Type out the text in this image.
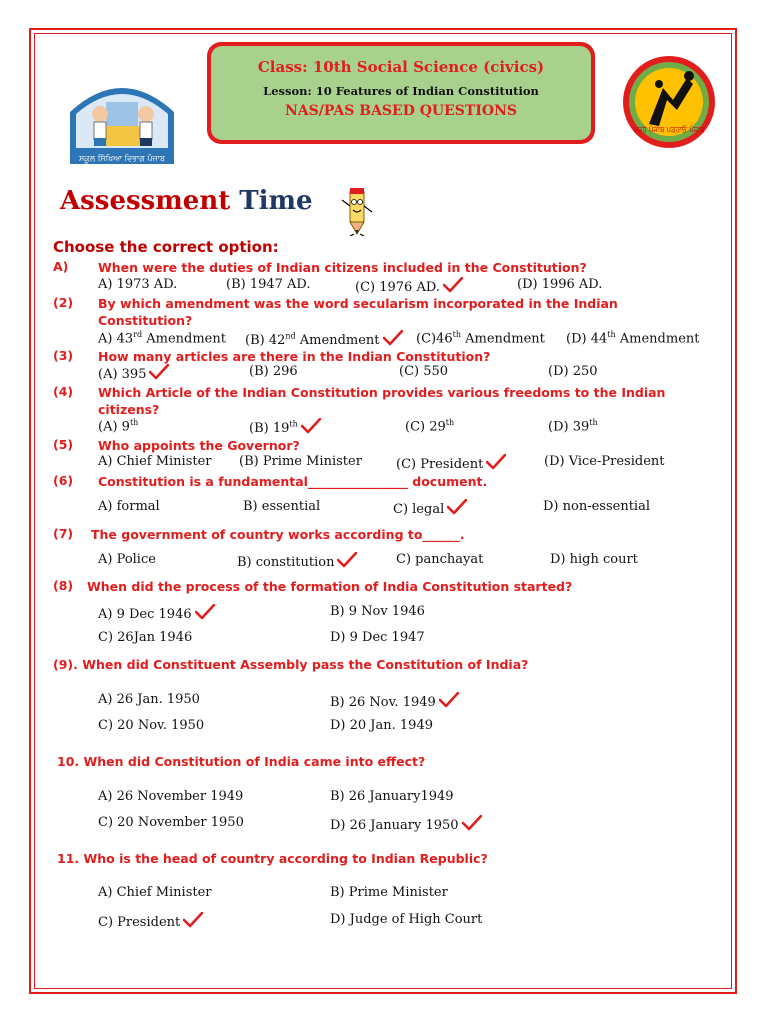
ਸਕੂਲ ਸਿੱਖਿਆ ਵਿਭਾਗ ਪੰਜਾਬ
Class: 10th Social Science (civics)
Lesson: 10 Features of Indian Constitution
NAS/PAS BASED QUESTIONS
ਪੜ੍ਹੋ ਪੰਜਾਬ ਪੜ੍ਹਾਓ ਪੰਜਾਬ
Assessment Time
Choose the correct option:
A) When were the duties of Indian citizens included in the Constitution?
A) 1973 AD.	(B) 1947 AD.	(C) 1976 AD.	(D) 1996 AD.
(2) By which amendment was the word secularism incorporated in the Indian Constitution?
A) 43rd Amendment (B) 42nd Amendment	(C)46th Amendment (D) 44th Amendment
(3) How many articles are there in the Indian Constitution?
(A) 395	(B) 296	(C) 550	(D) 250
(4) Which Article of the Indian Constitution provides various freedoms to the Indian citizens?
(A) 9th	(B) 19th	(C) 29th	(D) 39th
(5) Who appoints the Governor?
A) Chief Minister (B) Prime Minister	(C) President	(D) Vice-President
(6) Constitution is a fundamental________________ document.
A) formal	B) essential	C) legal	D) non-essential
(7) The government of country works according to______.
A) Police	B) constitution	C) panchayat	D) high court
(8) When did the process of the formation of India Constitution started?
A) 9 Dec 1946	B) 9 Nov 1946
C) 26Jan 1946	D) 9 Dec 1947
(9). When did Constituent Assembly pass the Constitution of India?
A) 26 Jan. 1950	B) 26 Nov. 1949
C) 20 Nov. 1950	D) 20 Jan. 1949
10. When did Constitution of India came into effect?
A) 26 November 1949	B) 26 January1949
C) 20 November 1950	D) 26 January 1950
11. Who is the head of country according to Indian Republic?
A) Chief Minister	B) Prime Minister
C) President	D) Judge of High Court
